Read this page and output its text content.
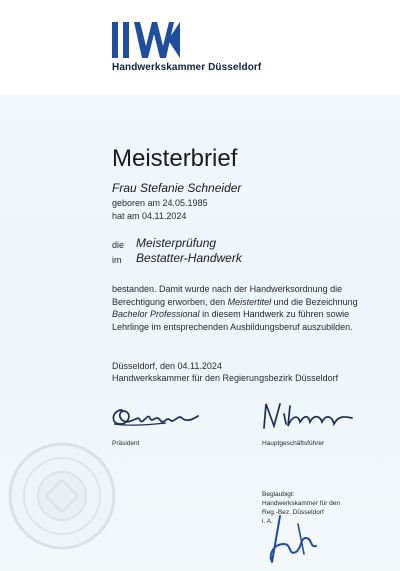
Handwerkskammer Düsseldorf
Meisterbrief
Frau Stefanie Schneider
geboren am 24.05.1985
hat am 04.11.2024
die Meisterprüfung
im Bestatter-Handwerk
bestanden. Damit wurde nach der Handwerksordnung die Berechtigung erworben, den Meistertitel und die Bezeichnung Bachelor Professional in diesem Handwerk zu führen sowie Lehrlinge im entsprechenden Ausbildungsberuf auszubilden.
Düsseldorf, den 04.11.2024
Handwerkskammer für den Regierungsbezirk Düsseldorf
Präsident	Hauptgeschäftsführer
Beglaubigt:
Handwerkskammer für den
Reg.-Bez. Düsseldorf
i. A.
